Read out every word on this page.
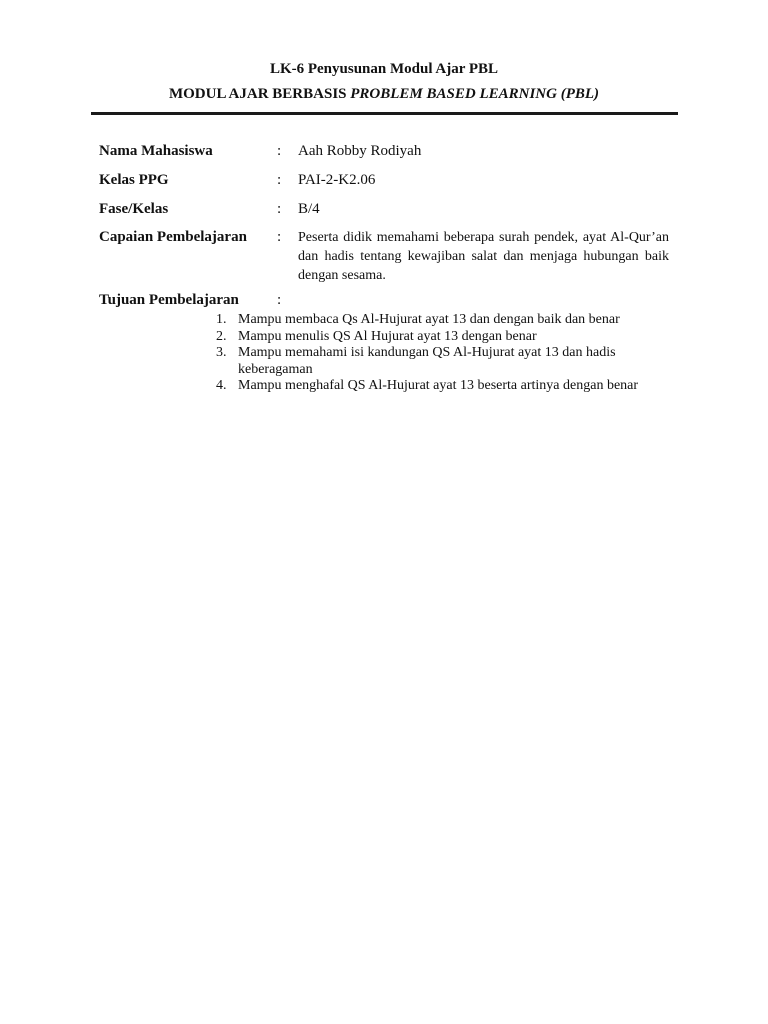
LK-6 Penyusunan Modul Ajar PBL
MODUL AJAR BERBASIS PROBLEM BASED LEARNING (PBL)
Nama Mahasiswa	: Aah Robby Rodiyah
Kelas PPG	: PAI-2-K2.06
Fase/Kelas	: B/4
Capaian Pembelajaran : Peserta didik memahami beberapa surah pendek, ayat Al-Qur’an dan hadis tentang kewajiban salat dan menjaga hubungan baik dengan sesama.
Tujuan Pembelajaran	:
1. Mampu membaca Qs Al-Hujurat ayat 13 dan dengan baik dan benar
2. Mampu menulis QS Al Hujurat ayat 13 dengan benar
3. Mampu memahami isi kandungan QS Al-Hujurat ayat 13 dan hadis keberagaman
4. Mampu menghafal QS Al-Hujurat ayat 13 beserta artinya dengan benar
